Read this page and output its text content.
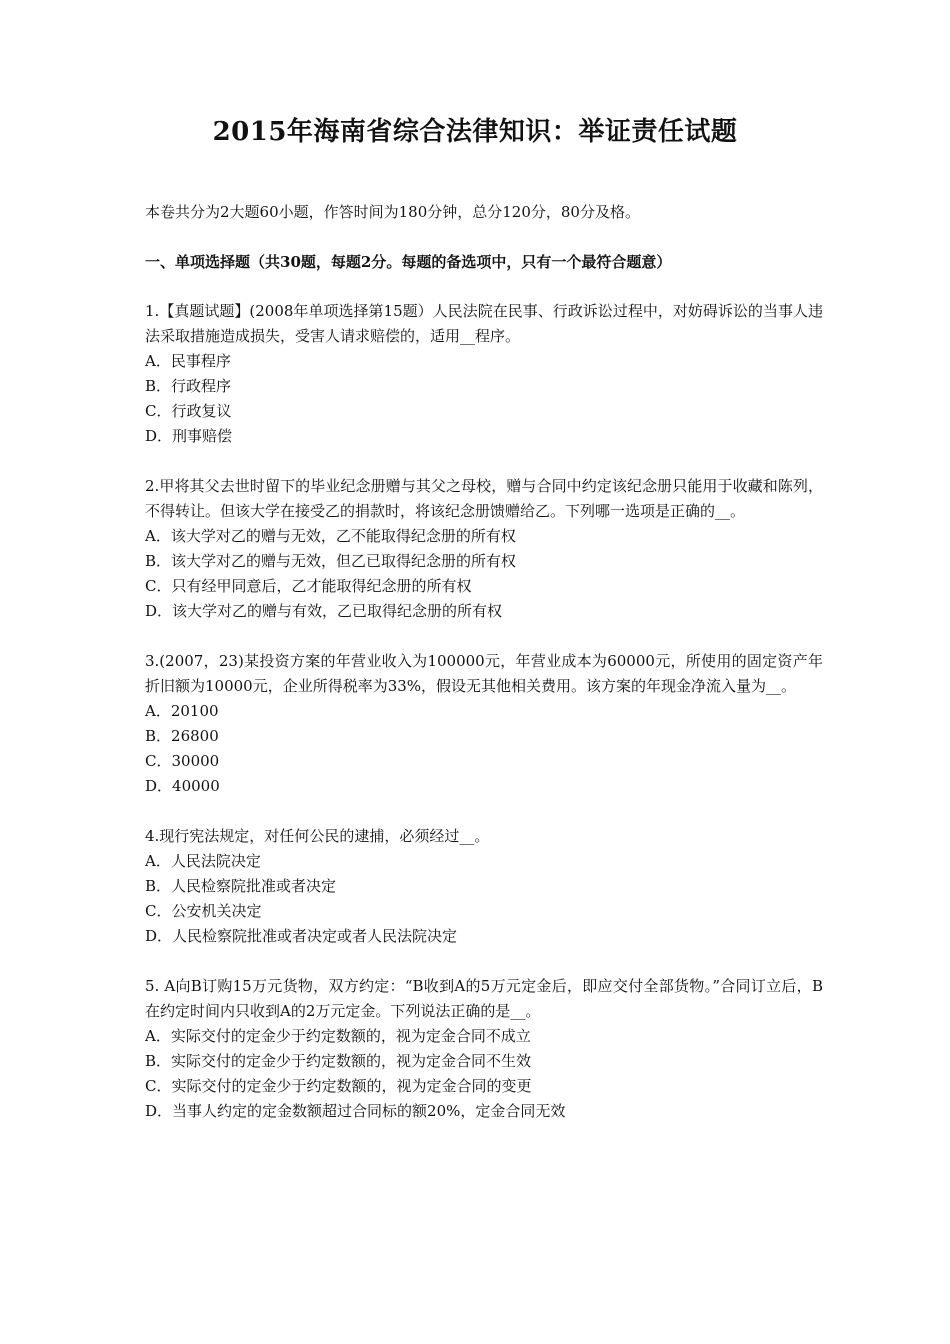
2015年海南省综合法律知识：举证责任试题

本卷共分为2大题60小题，作答时间为180分钟，总分120分，80分及格。

一、单项选择题（共30题，每题2分。每题的备选项中，只有一个最符合题意）

1.【真题试题】(2008年单项选择第15题）人民法院在民事、行政诉讼过程中，对妨碍诉讼的当事人违法采取措施造成损失，受害人请求赔偿的，适用__程序。

A．民事程序
B．行政程序
C．行政复议
D．刑事赔偿

2.甲将其父去世时留下的毕业纪念册赠与其父之母校，赠与合同中约定该纪念册只能用于收藏和陈列，不得转让。但该大学在接受乙的捐款时，将该纪念册馈赠给乙。下列哪一选项是正确的__。

A．该大学对乙的赠与无效，乙不能取得纪念册的所有权
B．该大学对乙的赠与无效，但乙已取得纪念册的所有权
C．只有经甲同意后，乙才能取得纪念册的所有权
D．该大学对乙的赠与有效，乙已取得纪念册的所有权

3.(2007，23)某投资方案的年营业收入为100000元，年营业成本为60000元，所使用的固定资产年折旧额为10000元，企业所得税率为33%，假设无其他相关费用。该方案的年现金净流入量为__。

A．20100
B．26800
C．30000
D．40000

4.现行宪法规定，对任何公民的逮捕，必须经过__。

A．人民法院决定
B．人民检察院批准或者决定
C．公安机关决定
D．人民检察院批准或者决定或者人民法院决定

5. A向B订购15万元货物，双方约定：“B收到A的5万元定金后，即应交付全部货物。”合同订立后，B在约定时间内只收到A的2万元定金。下列说法正确的是__。

A．实际交付的定金少于约定数额的，视为定金合同不成立
B．实际交付的定金少于约定数额的，视为定金合同不生效
C．实际交付的定金少于约定数额的，视为定金合同的变更
D．当事人约定的定金数额超过合同标的额20%，定金合同无效
